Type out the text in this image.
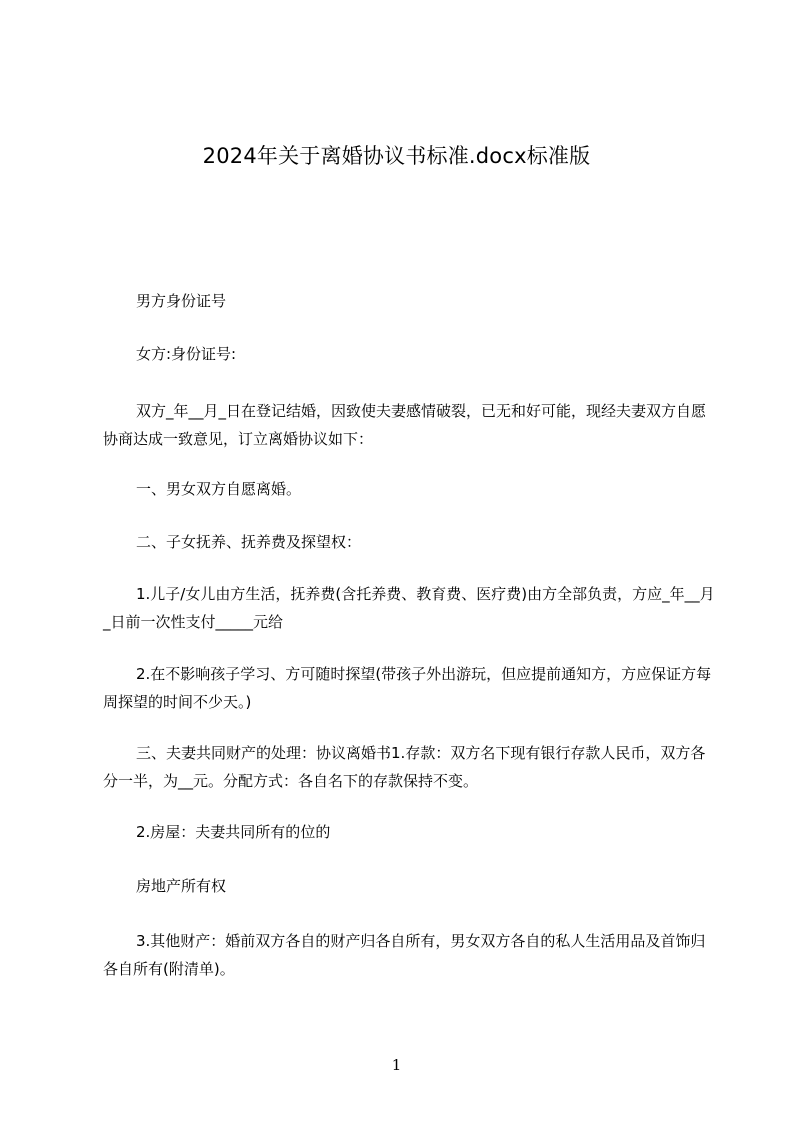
2024年关于离婚协议书标准.docx标准版

男方身份证号

女方:身份证号:

双方_年__月_日在登记结婚，因致使夫妻感情破裂，已无和好可能，现经夫妻双方自愿协商达成一致意见，订立离婚协议如下：

一、男女双方自愿离婚。

二、子女抚养、抚养费及探望权：

1.儿子/女儿由方生活，抚养费(含托养费、教育费、医疗费)由方全部负责，方应_年__月_日前一次性支付_____元给

2.在不影响孩子学习、方可随时探望(带孩子外出游玩，但应提前通知方，方应保证方每周探望的时间不少天。)

三、夫妻共同财产的处理：协议离婚书1.存款：双方名下现有银行存款人民币，双方各分一半，为__元。分配方式：各自名下的存款保持不变。

2.房屋：夫妻共同所有的位的

房地产所有权

3.其他财产：婚前双方各自的财产归各自所有，男女双方各自的私人生活用品及首饰归各自所有(附清单)。

1
